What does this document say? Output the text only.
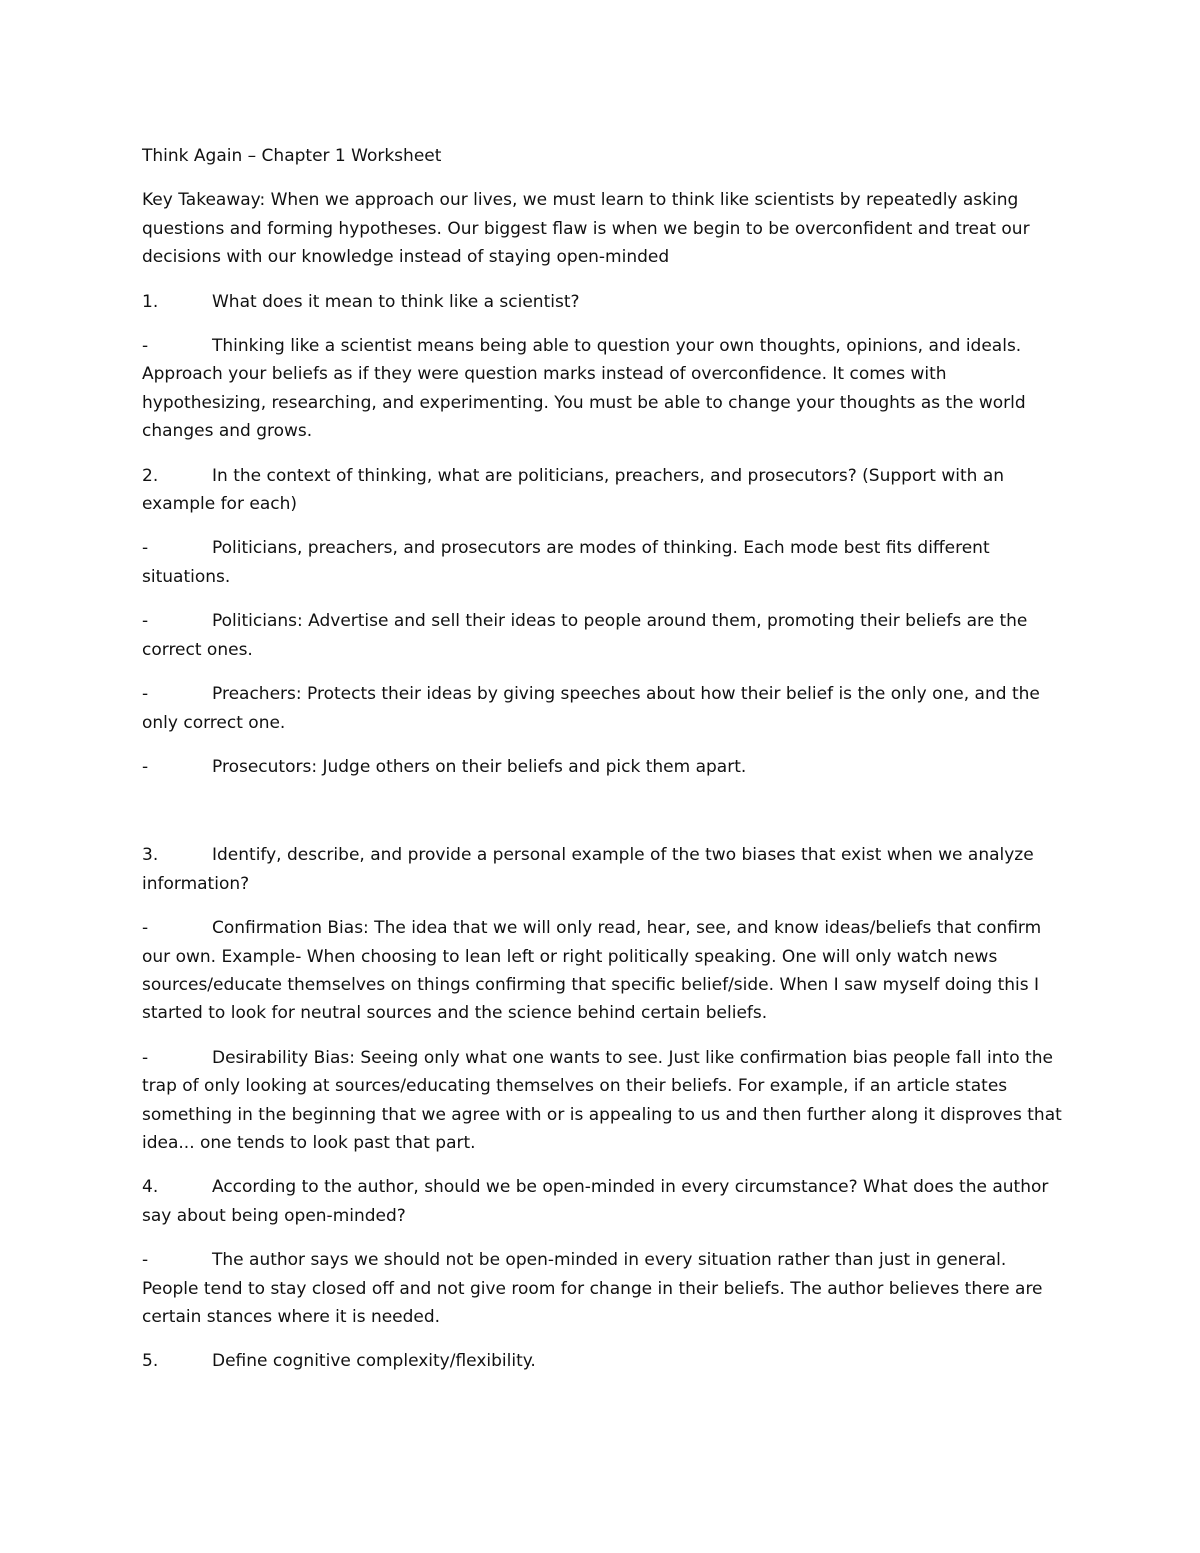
Think Again – Chapter 1 Worksheet

Key Takeaway: When we approach our lives, we must learn to think like scientists by repeatedly asking questions and forming hypotheses. Our biggest flaw is when we begin to be overconfident and treat our decisions with our knowledge instead of staying open-minded

1.	What does it mean to think like a scientist?

-	Thinking like a scientist means being able to question your own thoughts, opinions, and ideals. Approach your beliefs as if they were question marks instead of overconfidence. It comes with hypothesizing, researching, and experimenting. You must be able to change your thoughts as the world changes and grows.

2.	In the context of thinking, what are politicians, preachers, and prosecutors? (Support with an example for each)

-	Politicians, preachers, and prosecutors are modes of thinking. Each mode best fits different situations.

-	Politicians: Advertise and sell their ideas to people around them, promoting their beliefs are the correct ones.

-	Preachers: Protects their ideas by giving speeches about how their belief is the only one, and the only correct one.

-	Prosecutors: Judge others on their beliefs and pick them apart.

3.	Identify, describe, and provide a personal example of the two biases that exist when we analyze information?

-	Confirmation Bias: The idea that we will only read, hear, see, and know ideas/beliefs that confirm our own. Example- When choosing to lean left or right politically speaking. One will only watch news sources/educate themselves on things confirming that specific belief/side. When I saw myself doing this I started to look for neutral sources and the science behind certain beliefs.

-	Desirability Bias: Seeing only what one wants to see. Just like confirmation bias people fall into the trap of only looking at sources/educating themselves on their beliefs. For example, if an article states something in the beginning that we agree with or is appealing to us and then further along it disproves that idea... one tends to look past that part.

4.	According to the author, should we be open-minded in every circumstance? What does the author say about being open-minded?

-	The author says we should not be open-minded in every situation rather than just in general. People tend to stay closed off and not give room for change in their beliefs. The author believes there are certain stances where it is needed.

5.	Define cognitive complexity/flexibility.
